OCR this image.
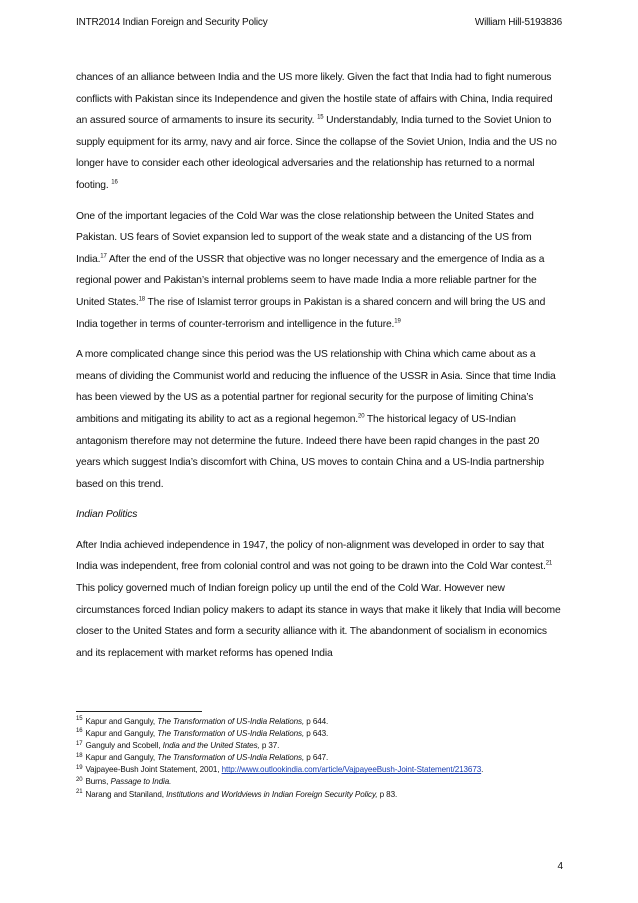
INTR2014 Indian Foreign and Security Policy	William Hill-5193836

chances of an alliance between India and the US more likely. Given the fact that India had to fight numerous conflicts with Pakistan since its Independence and given the hostile state of affairs with China, India required an assured source of armaments to insure its security. $^{15}$ Understandably, India turned to the Soviet Union to supply equipment for its army, navy and air force. Since the collapse of the Soviet Union, India and the US no longer have to consider each other ideological adversaries and the relationship has returned to a normal footing. $^{16}$

One of the important legacies of the Cold War was the close relationship between the United States and Pakistan. US fears of Soviet expansion led to support of the weak state and a distancing of the US from India.$^{17}$ After the end of the USSR that objective was no longer necessary and the emergence of India as a regional power and Pakistan’s internal problems seem to have made India a more reliable partner for the United States.$^{18}$ The rise of Islamist terror groups in Pakistan is a shared concern and will bring the US and India together in terms of counter-terrorism and intelligence in the future.$^{19}$

A more complicated change since this period was the US relationship with China which came about as a means of dividing the Communist world and reducing the influence of the USSR in Asia. Since that time India has been viewed by the US as a potential partner for regional security for the purpose of limiting China’s ambitions and mitigating its ability to act as a regional hegemon.$^{20}$ The historical legacy of US-Indian antagonism therefore may not determine the future. Indeed there have been rapid changes in the past 20 years which suggest India’s discomfort with China, US moves to contain China and a US-India partnership based on this trend.

Indian Politics

After India achieved independence in 1947, the policy of non-alignment was developed in order to say that India was independent, free from colonial control and was not going to be drawn into the Cold War contest.$^{21}$ This policy governed much of Indian foreign policy up until the end of the Cold War. However new circumstances forced Indian policy makers to adapt its stance in ways that make it likely that India will become closer to the United States and form a security alliance with it. The abandonment of socialism in economics and its replacement with market reforms has opened India

$^{15}$ Kapur and Ganguly, The Transformation of US-India Relations, p 644.

$^{16}$ Kapur and Ganguly, The Transformation of US-India Relations, p 643.

$^{17}$ Ganguly and Scobell, India and the United States, p 37.

$^{18}$ Kapur and Ganguly, The Transformation of US-India Relations, p 647.

$^{19}$ Vajpayee-Bush Joint Statement, 2001, http://www.outlookindia.com/article/VajpayeeBush-Joint-Statement/213673.

$^{20}$ Burns, Passage to India.

$^{21}$ Narang and Staniland, Institutions and Worldviews in Indian Foreign Security Policy, p 83.

4
